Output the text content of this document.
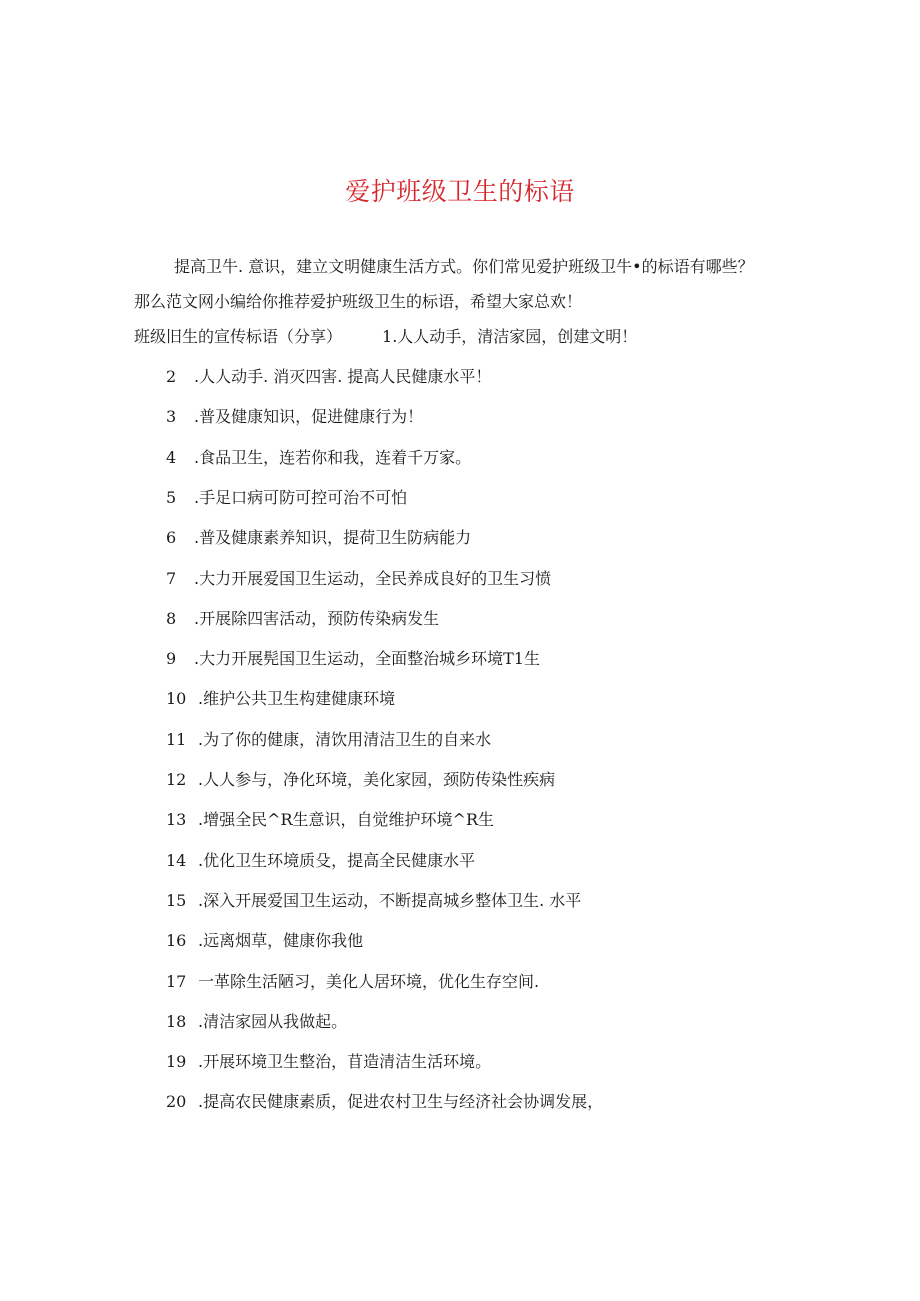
爱护班级卫生的标语
提高卫牛. 意识，建立文明健康生活方式。你们常见爱护班级卫牛•的标语有哪些？
那么范文网小编给你推荐爱护班级卫生的标语，希望大家总欢！
班级旧生的宣传标语（分享）	1.人人动手，清洁家园，创建文明！
2 .人人动手. 消灭四害. 提高人民健康水平！
3 .普及健康知识，促进健康行为！
4 .食品卫生，连若你和我，连着千万家。
5 .手足口病可防可控可治不可怕
6 .普及健康素养知识，提荷卫生防病能力
7 .大力开展爱国卫生运动，全民养成良好的卫生习愤
8 .开展除四害活动，预防传染病发生
9 .大力开展髡国卫生运动，全面整治城乡环境T1生
10 .维护公共卫生构建健康环境
11 .为了你的健康，清饮用清洁卫生的自来水
12 .人人参与，净化环境，美化家园，颈防传染性疾病
13 .增强全民^R生意识，自觉维护环境^R生
14 .优化卫生环境质殳，提高全民健康水平
15 .深入开展爱国卫生运动，不断提高城乡整体卫生. 水平
16 .远离烟草，健康你我他
17 一革除生活陋习，美化人居环境，优化生存空间.
18 .清洁家园从我做起。
19 .开展环境卫生整治，苜造清洁生活环境。
20 .提高农民健康素质，促进农村卫生与经济社会协调发展，
